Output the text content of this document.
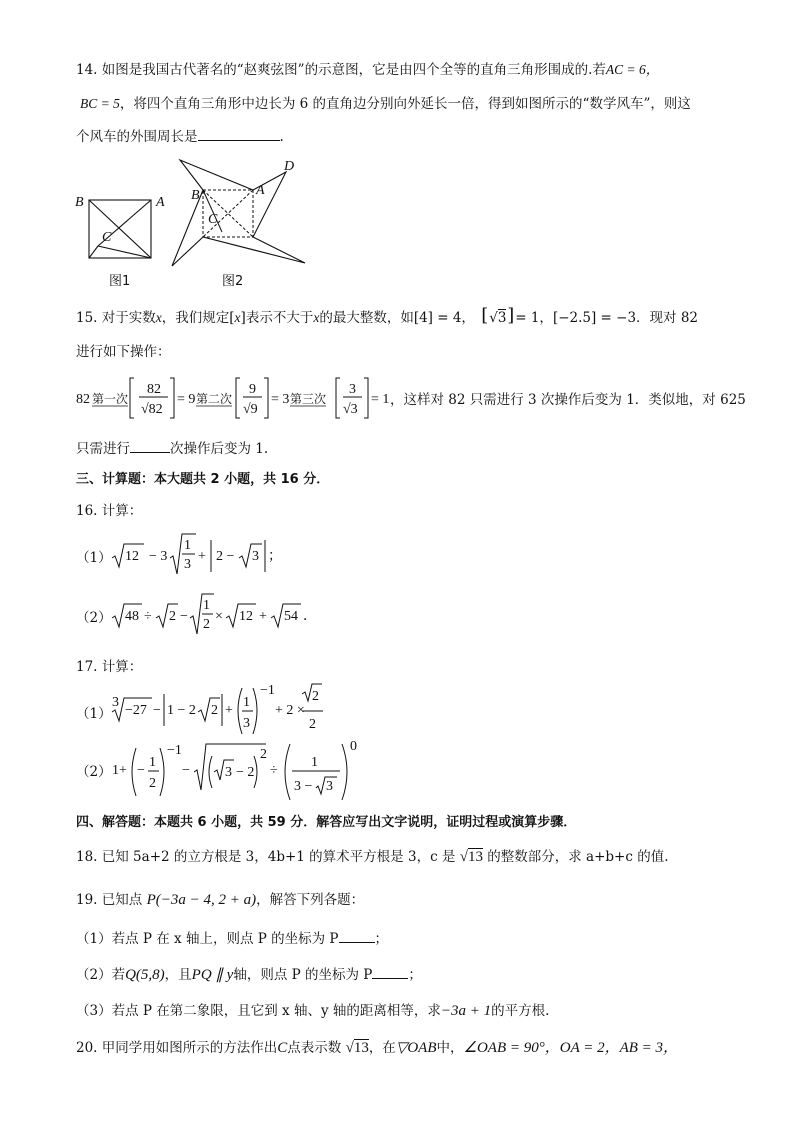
14. 如图是我国古代著名的“赵爽弦图”的示意图，它是由四个全等的直角三角形围成的.若AC = 6，
BC = 5，将四个直角三角形中边长为 6 的直角边分别向外延长一倍，得到如图所示的“数学风车”，则这
个风车的外围周长是	.
B	A
C
图1
B	A
C
D
图2
15. 对于实数x，我们规定[x]表示不大于x的最大整数，如[4] = 4， [ √3 ] = 1，[−2.5] = −3．现对 82
进行如下操作：
82 第一次
82
√82
= 9 第二次
9
√9
= 3 第三次
3
√3
= 1 ，这样对 82 只需进行 3 次操作后变为 1．类似地，对 625
只需进行	次操作后变为 1.
三、计算题：本大题共 2 小题，共 16 分．
16. 计算：
（1） 12 − 3
1
3
+ 2 − 3 ；
（2） 48 ÷ 2 −
1
2
× 12 + 54 ．
17. 计算：
（1）
3
−27 − 1 − 2 2 +
1
3
−1
+ 2 ×
2
2
（2） 1+ −
1
2
−1
−	3 − 2
2
÷
1
3 − 3
0
四、解答题：本题共 6 小题，共 59 分．解答应写出文字说明，证明过程或演算步骤．
18. 已知 5a+2 的立方根是 3，4b+1 的算术平方根是 3，c 是 √13 的整数部分，求 a+b+c 的值.
19. 已知点 P(−3a − 4, 2 + a)，解答下列各题：
（1）若点 P 在 x 轴上，则点 P 的坐标为 P	；
（2）若Q(5,8)，且PQ ∥ y轴，则点 P 的坐标为 P	；
（3）若点 P 在第二象限，且它到 x 轴、y 轴的距离相等，求−3a + 1的平方根.
20. 甲同学用如图所示的方法作出C点表示数 √13，在▽OAB中，∠OAB = 90°，OA = 2，AB = 3，
